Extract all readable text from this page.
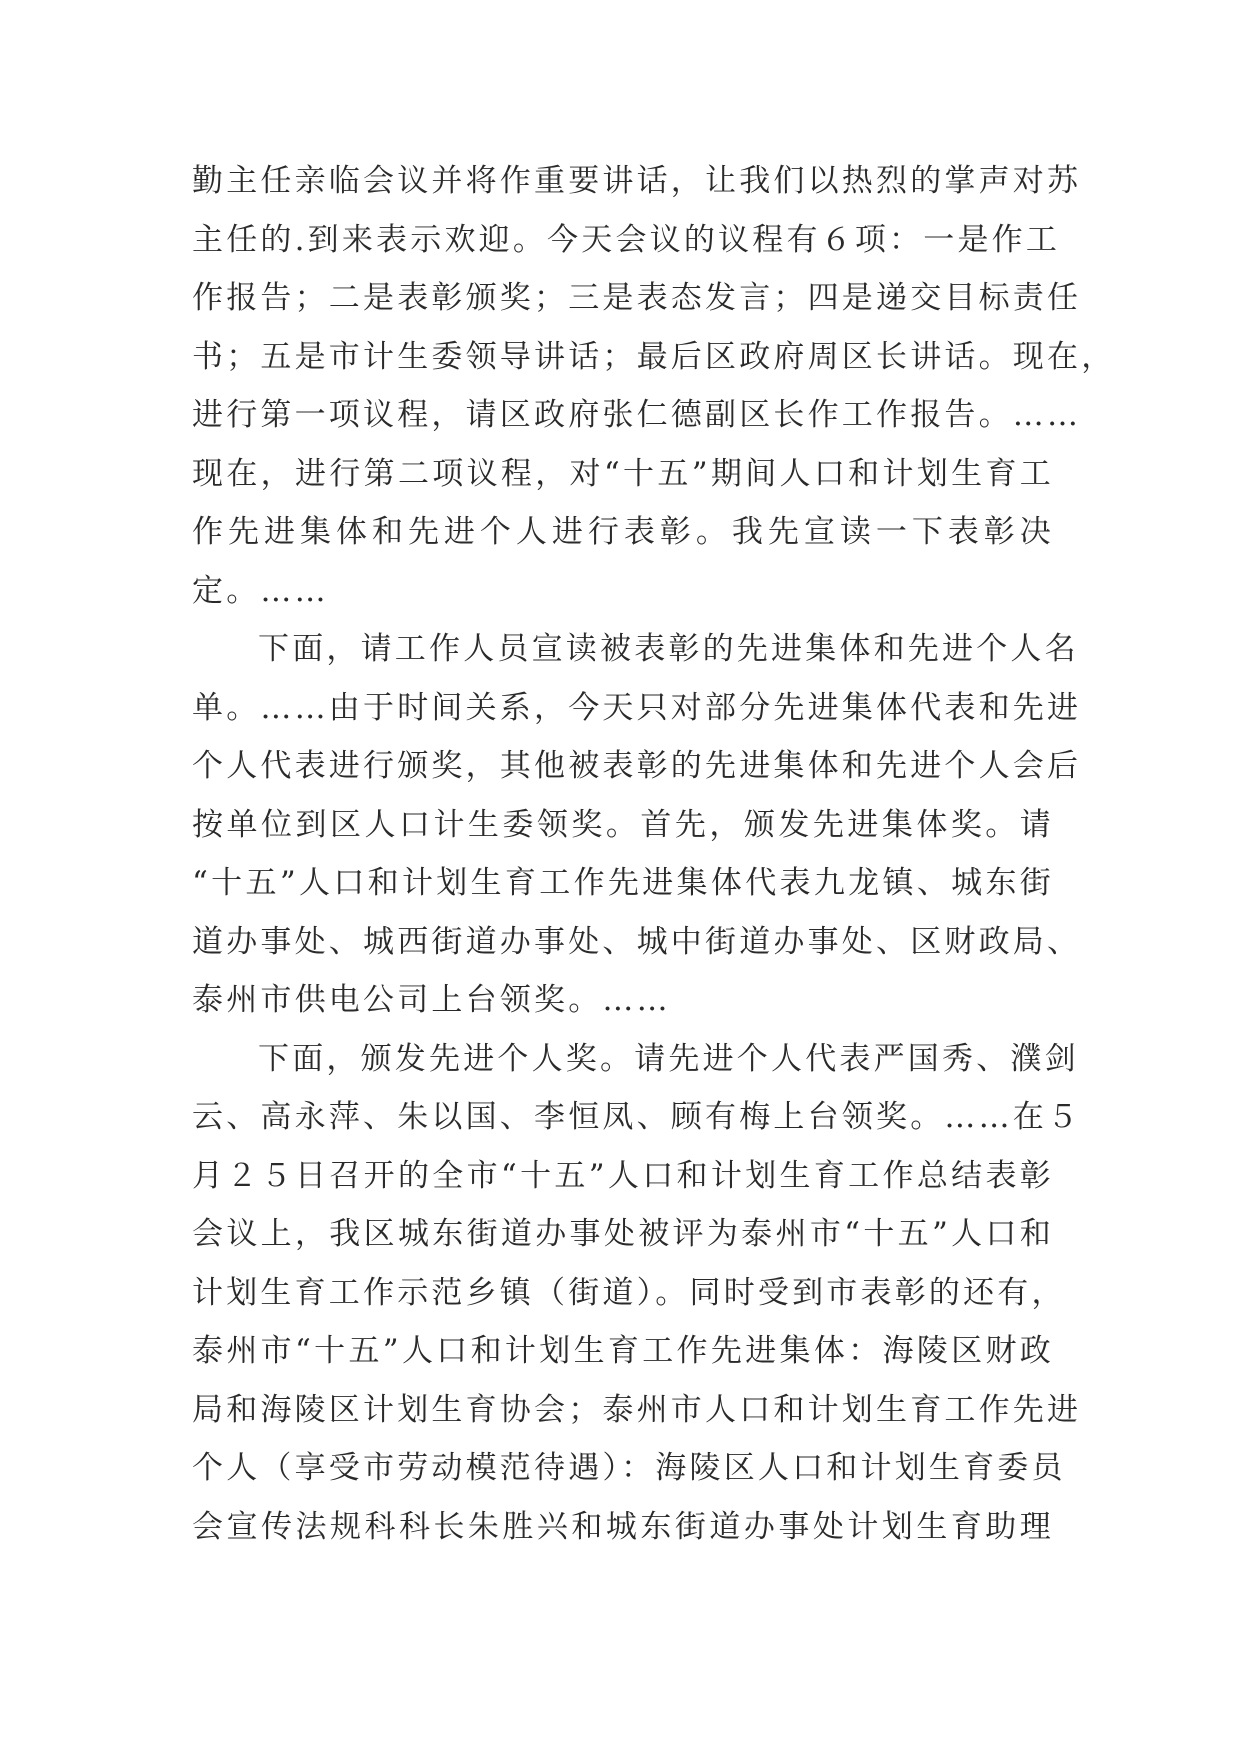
勤主任亲临会议并将作重要讲话，让我们以热烈的掌声对苏
主任的.到来表示欢迎。今天会议的议程有６项：一是作工
作报告；二是表彰颁奖；三是表态发言；四是递交目标责任
书；五是市计生委领导讲话；最后区政府周区长讲话。现在，
进行第一项议程，请区政府张仁德副区长作工作报告。……
现在，进行第二项议程，对“十五”期间人口和计划生育工
作先进集体和先进个人进行表彰。我先宣读一下表彰决
定。……
下面，请工作人员宣读被表彰的先进集体和先进个人名
单。……由于时间关系，今天只对部分先进集体代表和先进
个人代表进行颁奖，其他被表彰的先进集体和先进个人会后
按单位到区人口计生委领奖。首先，颁发先进集体奖。请
“十五”人口和计划生育工作先进集体代表九龙镇、城东街
道办事处、城西街道办事处、城中街道办事处、区财政局、
泰州市供电公司上台领奖。……
下面，颁发先进个人奖。请先进个人代表严国秀、濮剑
云、高永萍、朱以国、李恒凤、顾有梅上台领奖。……在５
月２５日召开的全市“十五”人口和计划生育工作总结表彰
会议上，我区城东街道办事处被评为泰州市“十五”人口和
计划生育工作示范乡镇（街道）。同时受到市表彰的还有，
泰州市“十五”人口和计划生育工作先进集体：海陵区财政
局和海陵区计划生育协会；泰州市人口和计划生育工作先进
个人（享受市劳动模范待遇）：海陵区人口和计划生育委员
会宣传法规科科长朱胜兴和城东街道办事处计划生育助理
